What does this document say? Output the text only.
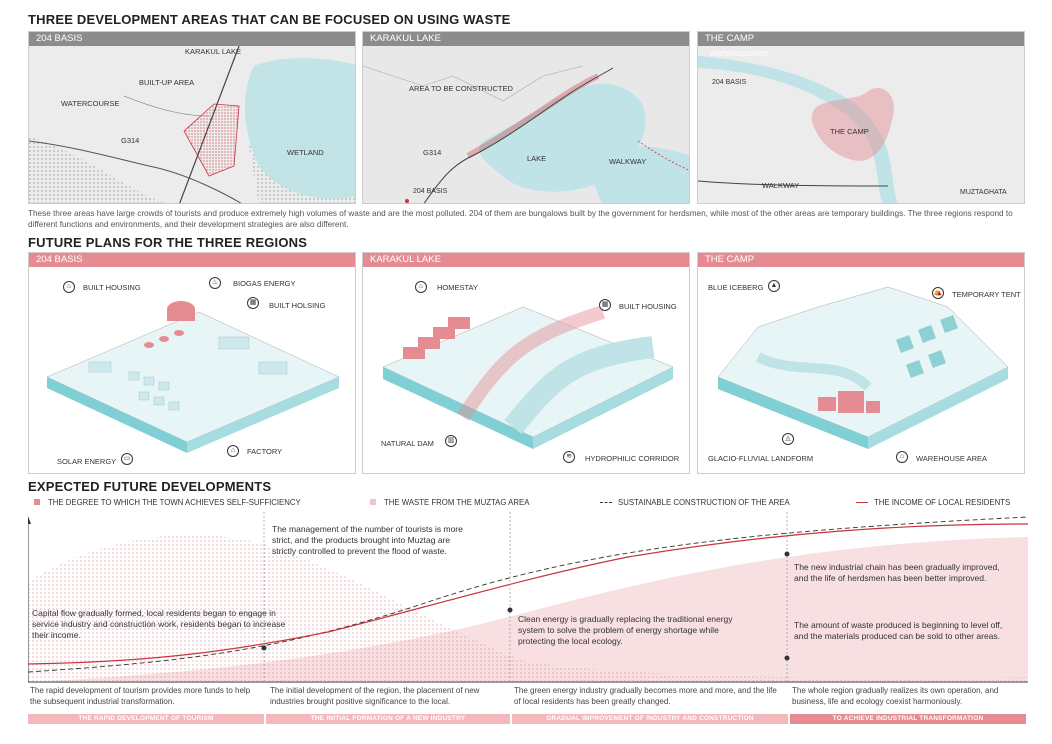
THREE DEVELOPMENT AREAS THAT CAN BE FOCUSED ON USING WASTE
204 BASIS
KARAKUL LAKE
BUILT-UP AREA
WATERCOURSE
G314
WETLAND
KARAKUL LAKE
AREA TO BE CONSTRUCTED
G314
LAKE	WALKWAY
204 BASIS
THE CAMP
WATERCOURSE
204 BASIS
THE CAMP
WALKWAY
MUZTAGHATA
These three areas have large crowds of tourists and produce extremely high volumes of waste and are the most polluted. 204 of them are bungalows built by the government for herdsmen, while most of the other areas are temporary buildings. The three regions respond to different functions and environments, and their development strategies are also different.
FUTURE PLANS FOR THE THREE REGIONS
204 BASIS
⌂	BUILT HOUSING
♨	BIOGAS ENERGY
▦	BUILT HOLSING
SOLAR ENERGY	▭
⌂	FACTORY
KARAKUL LAKE
⌂	HOMESTAY
▦	BUILT HOUSING
NATURAL DAM	▥
≋	HYDROPHILIC CORRIDOR
THE CAMP
BLUE ICEBERG	▲
⛺ TEMPORARY TENT
◬
GLACIO-FLUVIAL LANDFORM	⌂	WAREHOUSE AREA
EXPECTED FUTURE DEVELOPMENTS
THE DEGREE TO WHICH THE TOWN ACHIEVES SELF-SUFFICIENCY	THE WASTE FROM THE MUZTAG AREA	SUSTAINABLE CONSTRUCTION OF THE AREA	THE INCOME OF LOCAL RESIDENTS
The management of the number of tourists is more strict, and the products brought into Muztag are strictly controlled to prevent the flood of waste.
Capital flow gradually formed, local residents began to engage in service industry and construction work, residents began to increase their income.
Clean energy is gradually replacing the traditional energy system to solve the problem of energy shortage while protecting the local ecology.
The new industrial chain has been gradually improved, and the life of herdsmen has been better improved.
The amount of waste produced is beginning to level off, and the materials produced can be sold to other areas.
The rapid development of tourism provides more funds to help the subsequent industrial transformation.
The initial development of the region, the placement of new industries brought positive significance to the local.
The green energy industry gradually becomes more and more, and the life of local residents has been greatly changed.
The whole region gradually realizes its own operation, and business, life and ecology coexist harmoniously.
THE RAPID DEVELOPMENT OF TOURISM	THE INITIAL FORMATION OF A NEW INDUSTRY	GRADUAL IMPROVEMENT OF INDUSTRY AND CONSTRUCTION	TO ACHIEVE INDUSTRIAL TRANSFORMATION
